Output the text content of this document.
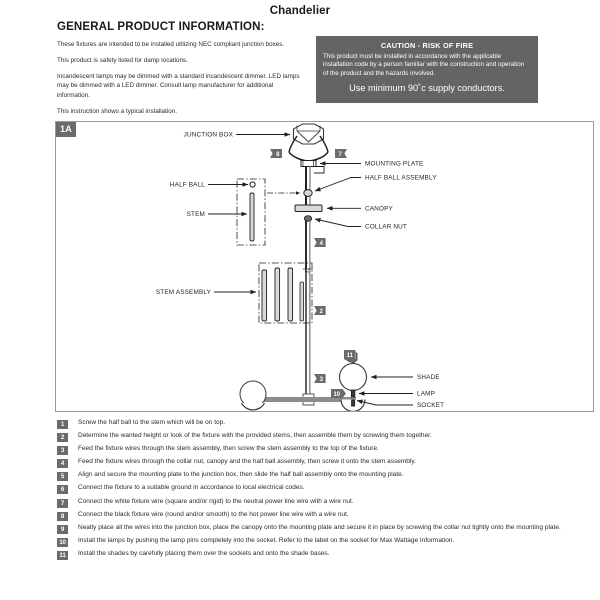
Chandelier
GENERAL PRODUCT INFORMATION:

These fixtures are intended to be installed utilizing NEC compliant junction boxes.

This product is safety listed for damp locations.

Incandescent lamps may be dimmed with a standard incandescent dimmer. LED lamps may be dimmed with a LED dimmer. Consult lamp manufacturer for additional information.

This instruction shows a typical installation.

CAUTION - RISK OF FIRE
This product must be installed in accordance with the applicable installation code by a person familiar with the construction and operation of the product and the hazards involved.
Use minimum 90˚c supply conductors.
1A
JUNCTION BOX
HALF BALL
STEM
STEM ASSEMBLY
MOUNTING PLATE
HALF BALL ASSEMBLY
CANOPY
COLLAR NUT
SHADE
LAMP
SOCKET
8	7
4
2
3
11
10
1	Screw the half ball to the stem which will be on top.
2	Determine the wanted height or look of the fixture with the provided stems, then assemble them by screwing them together.
3	Feed the fixture wires through the stem assembly, then screw the stem assembly to the top of the fixture.
4	Feed the fixture wires through the collar nut, canopy and the half ball assembly, then screw it onto the stem assembly.
5	Align and secure the mounting plate to the junction box, then slide the half ball assembly onto the mounting plate.
6	Connect the fixture to a suitable ground in accordance to local electrical codes.
7	Connect the white fixture wire (square and/or rigid) to the neutral power line wire with a wire nut.
8	Connect the black fixture wire (round and/or smooth) to the hot power line wire with a wire nut.
9	Neatly place all the wires into the junction box, place the canopy onto the mounting plate and secure it in place by screwing the collar nut tightly onto the mounting plate.
10	Install the lamps by pushing the lamp pins completely into the socket. Refer to the label on the socket for Max Wattage Information.
11	Install the shades by carefully placing them over the sockets and onto the shade bases.
